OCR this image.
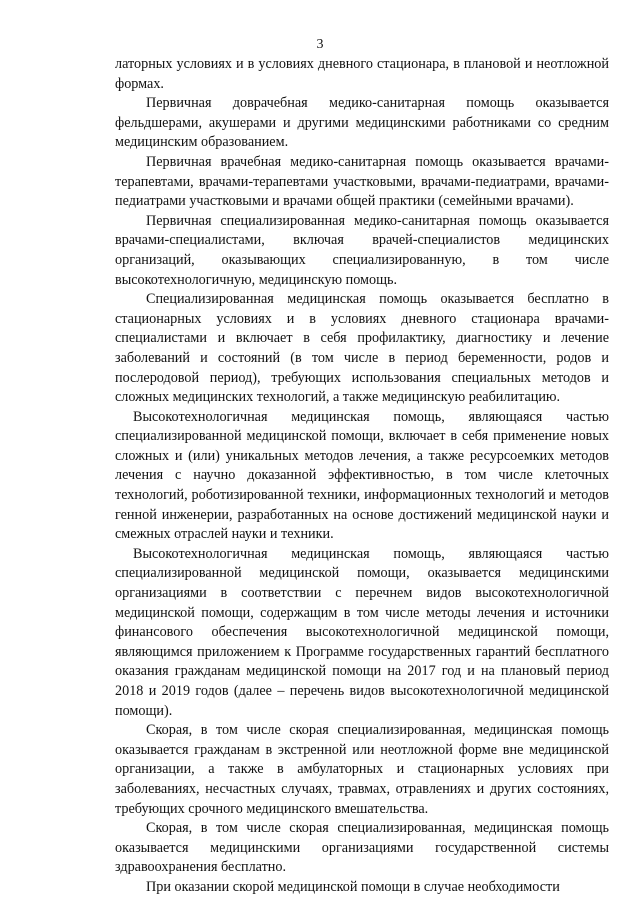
3

латорных условиях и в условиях дневного стационара, в плановой и неотложной формах.

Первичная доврачебная медико-санитарная помощь оказывается фельдшерами, акушерами и другими медицинскими работниками со средним медицинским образованием.

Первичная врачебная медико-санитарная помощь оказывается врачами-терапевтами, врачами-терапевтами участковыми, врачами-педиатрами, врачами-педиатрами участковыми и врачами общей практики (семейными врачами).

Первичная специализированная медико-санитарная помощь оказывается врачами-специалистами, включая врачей-специалистов медицинских организаций, оказывающих специализированную, в том числе высокотехнологичную, медицинскую помощь.

Специализированная медицинская помощь оказывается бесплатно в стационарных условиях и в условиях дневного стационара врачами-специалистами и включает в себя профилактику, диагностику и лечение заболеваний и состояний (в том числе в период беременности, родов и послеродовой период), требующих использования специальных методов и сложных медицинских технологий, а также медицинскую реабилитацию.

Высокотехнологичная медицинская помощь, являющаяся частью специализированной медицинской помощи, включает в себя применение новых сложных и (или) уникальных методов лечения, а также ресурсоемких методов лечения с научно доказанной эффективностью, в том числе клеточных технологий, роботизированной техники, информационных технологий и методов генной инженерии, разработанных на основе достижений медицинской науки и смежных отраслей науки и техники.

Высокотехнологичная медицинская помощь, являющаяся частью специализированной медицинской помощи, оказывается медицинскими организациями в соответствии с перечнем видов высокотехнологичной медицинской помощи, содержащим в том числе методы лечения и источники финансового обеспечения высокотехнологичной медицинской помощи, являющимся приложением к Программе государственных гарантий бесплатного оказания гражданам медицинской помощи на 2017 год и на плановый период 2018 и 2019 годов (далее – перечень видов высокотехнологичной медицинской помощи).

Скорая, в том числе скорая специализированная, медицинская помощь оказывается гражданам в экстренной или неотложной форме вне медицинской организации, а также в амбулаторных и стационарных условиях при заболеваниях, несчастных случаях, травмах, отравлениях и других состояниях, требующих срочного медицинского вмешательства.

Скорая, в том числе скорая специализированная, медицинская помощь оказывается медицинскими организациями государственной системы здравоохранения бесплатно.

При оказании скорой медицинской помощи в случае необходимости
